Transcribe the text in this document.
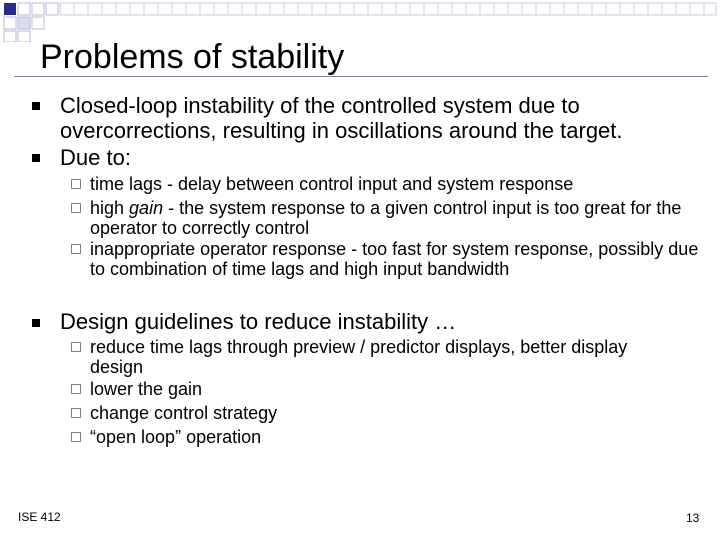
Problems of stability
Closed-loop instability of the controlled system due to overcorrections, resulting in oscillations around the target.
Due to:
time lags - delay between control input and system response
high gain - the system response to a given control input is too great for the operator to correctly control
inappropriate operator response - too fast for system response, possibly due to combination of time lags and high input bandwidth
Design guidelines to reduce instability …
reduce time lags through preview / predictor displays, better display design
lower the gain
change control strategy
“open loop” operation
ISE 412	13
